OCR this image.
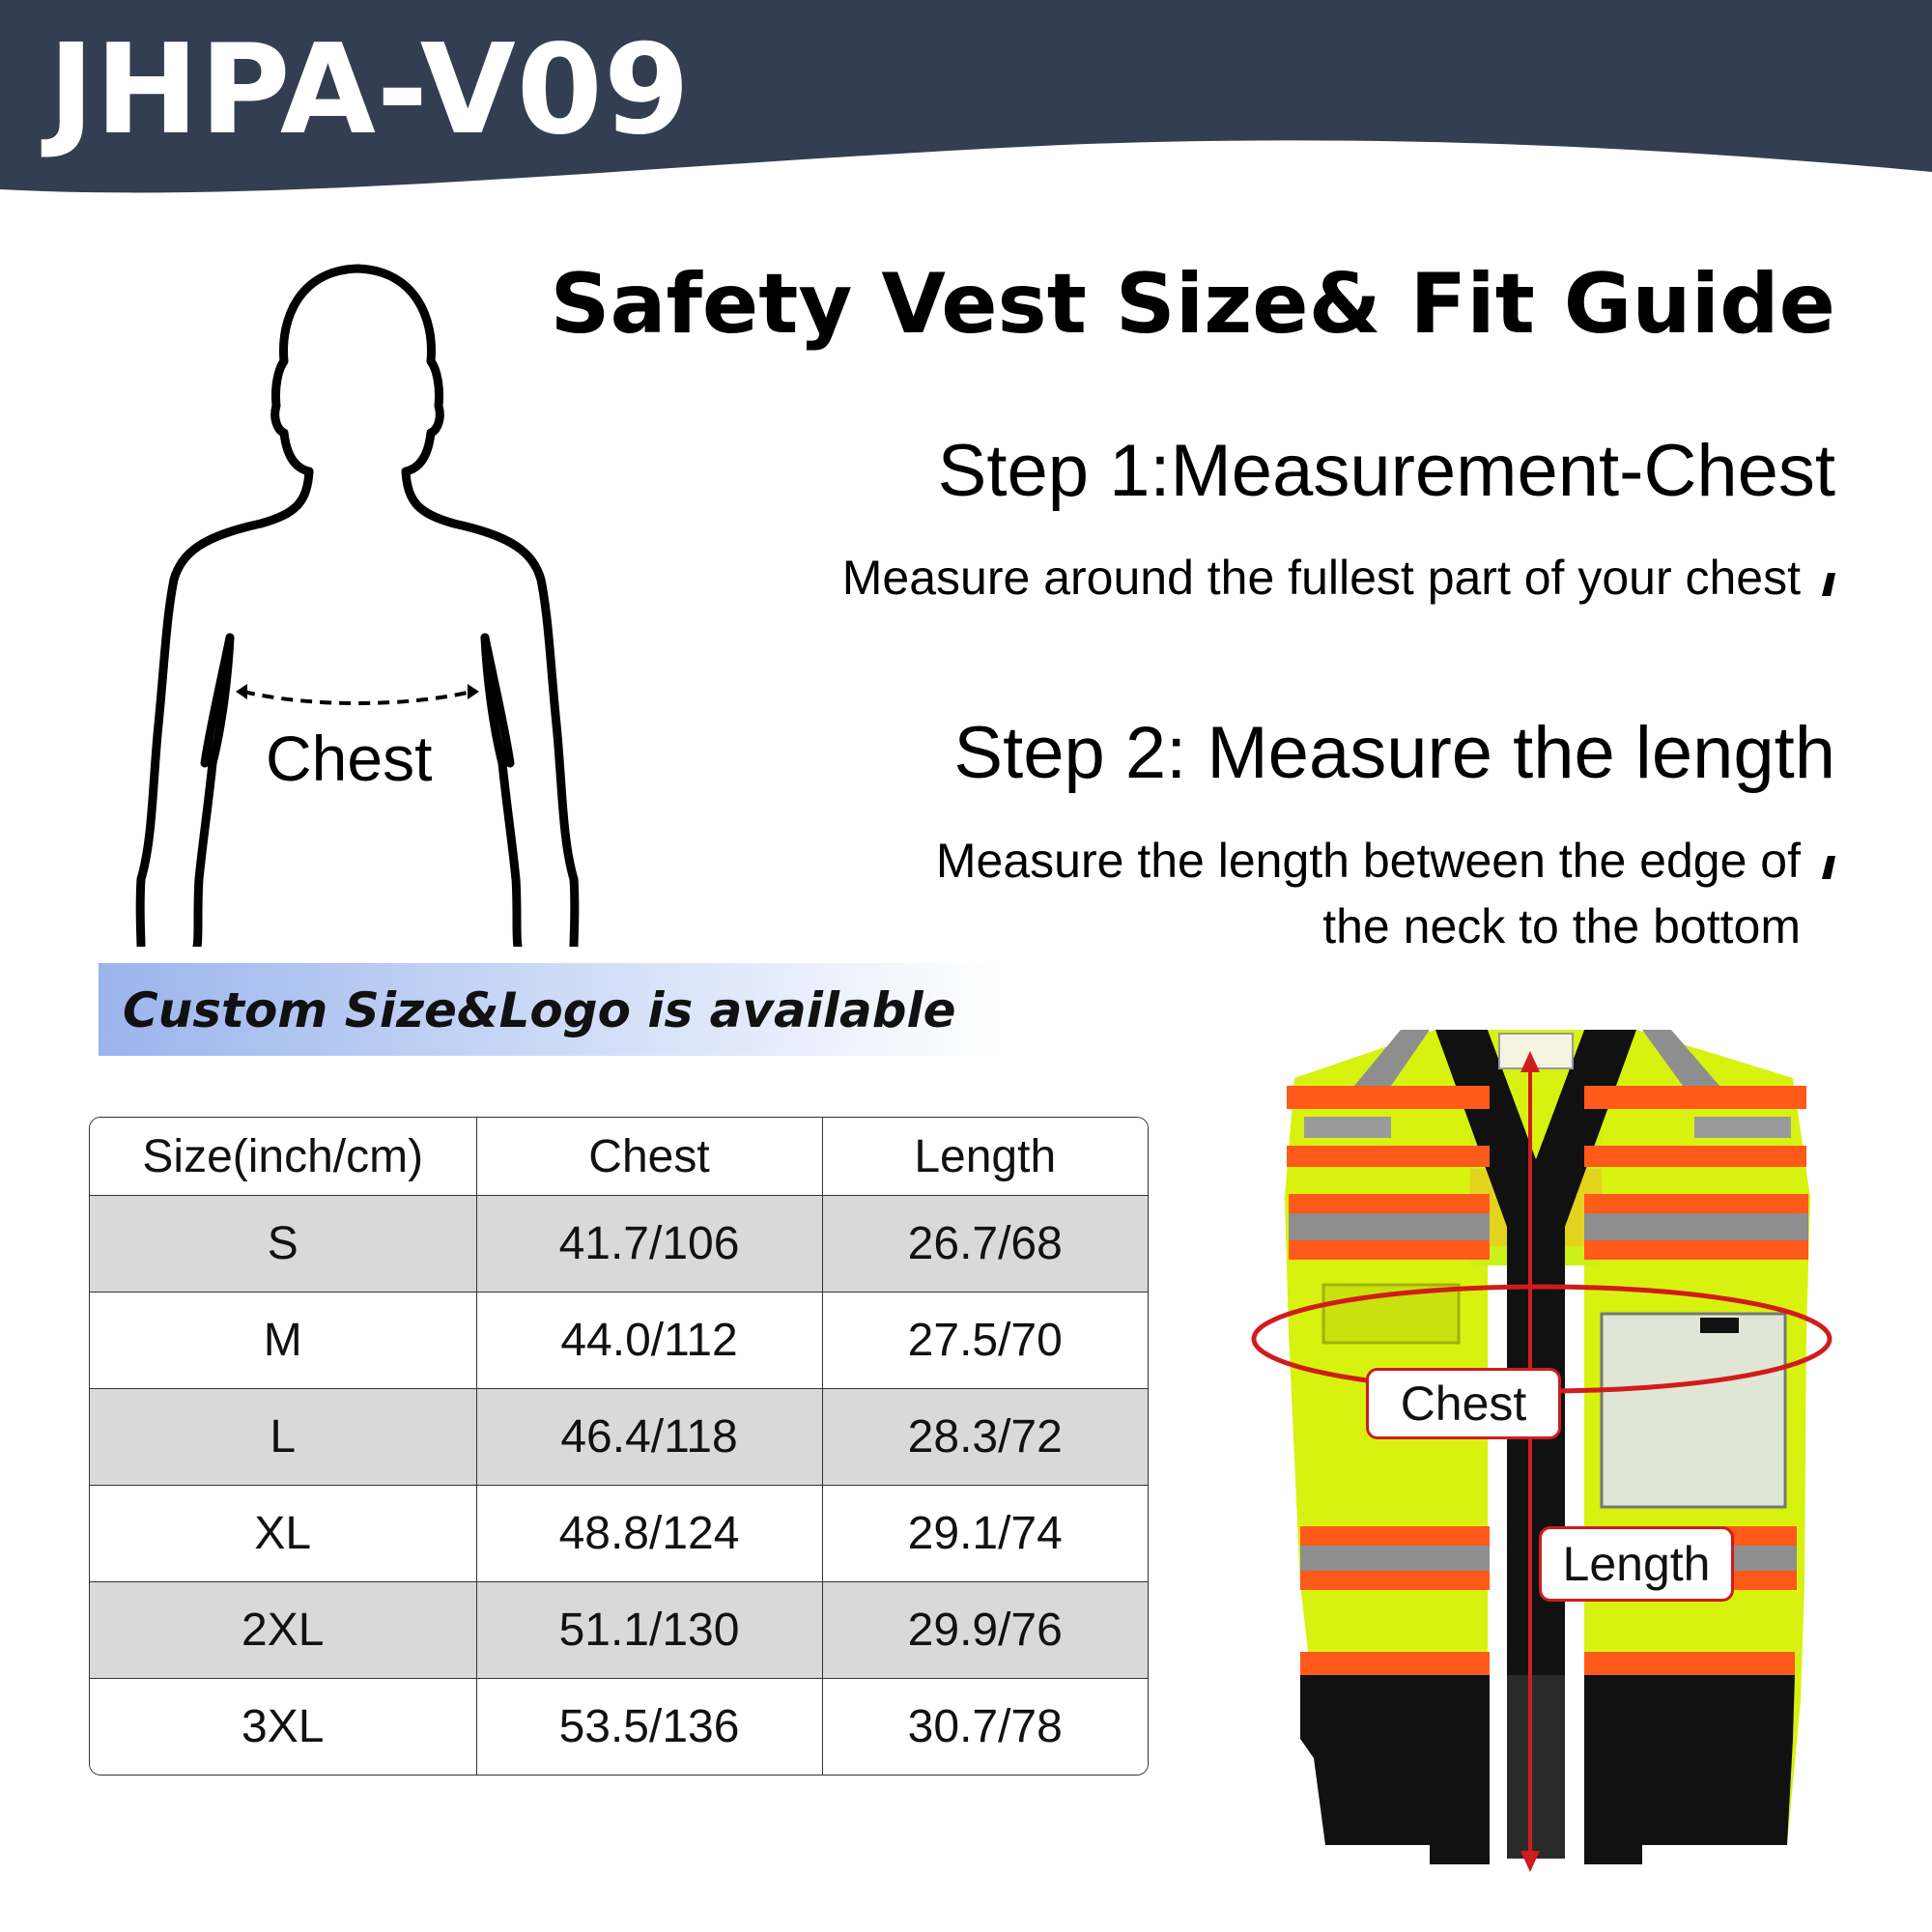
JHPA-V09
Safety Vest Size& Fit Guide
Step 1:Measurement-Chest
Measure around the fullest part of your chest
Step 2: Measure the length
Measure the length between the edge of
the neck to the bottom
Chest
Custom Size&Logo is available
Size(inch/cm)	Chest	Length
S	41.7/106	26.7/68
M	44.0/112	27.5/70
L	46.4/118	28.3/72
XL	48.8/124	29.1/74
2XL	51.1/130	29.9/76
3XL	53.5/136	30.7/78
Chest
Length
